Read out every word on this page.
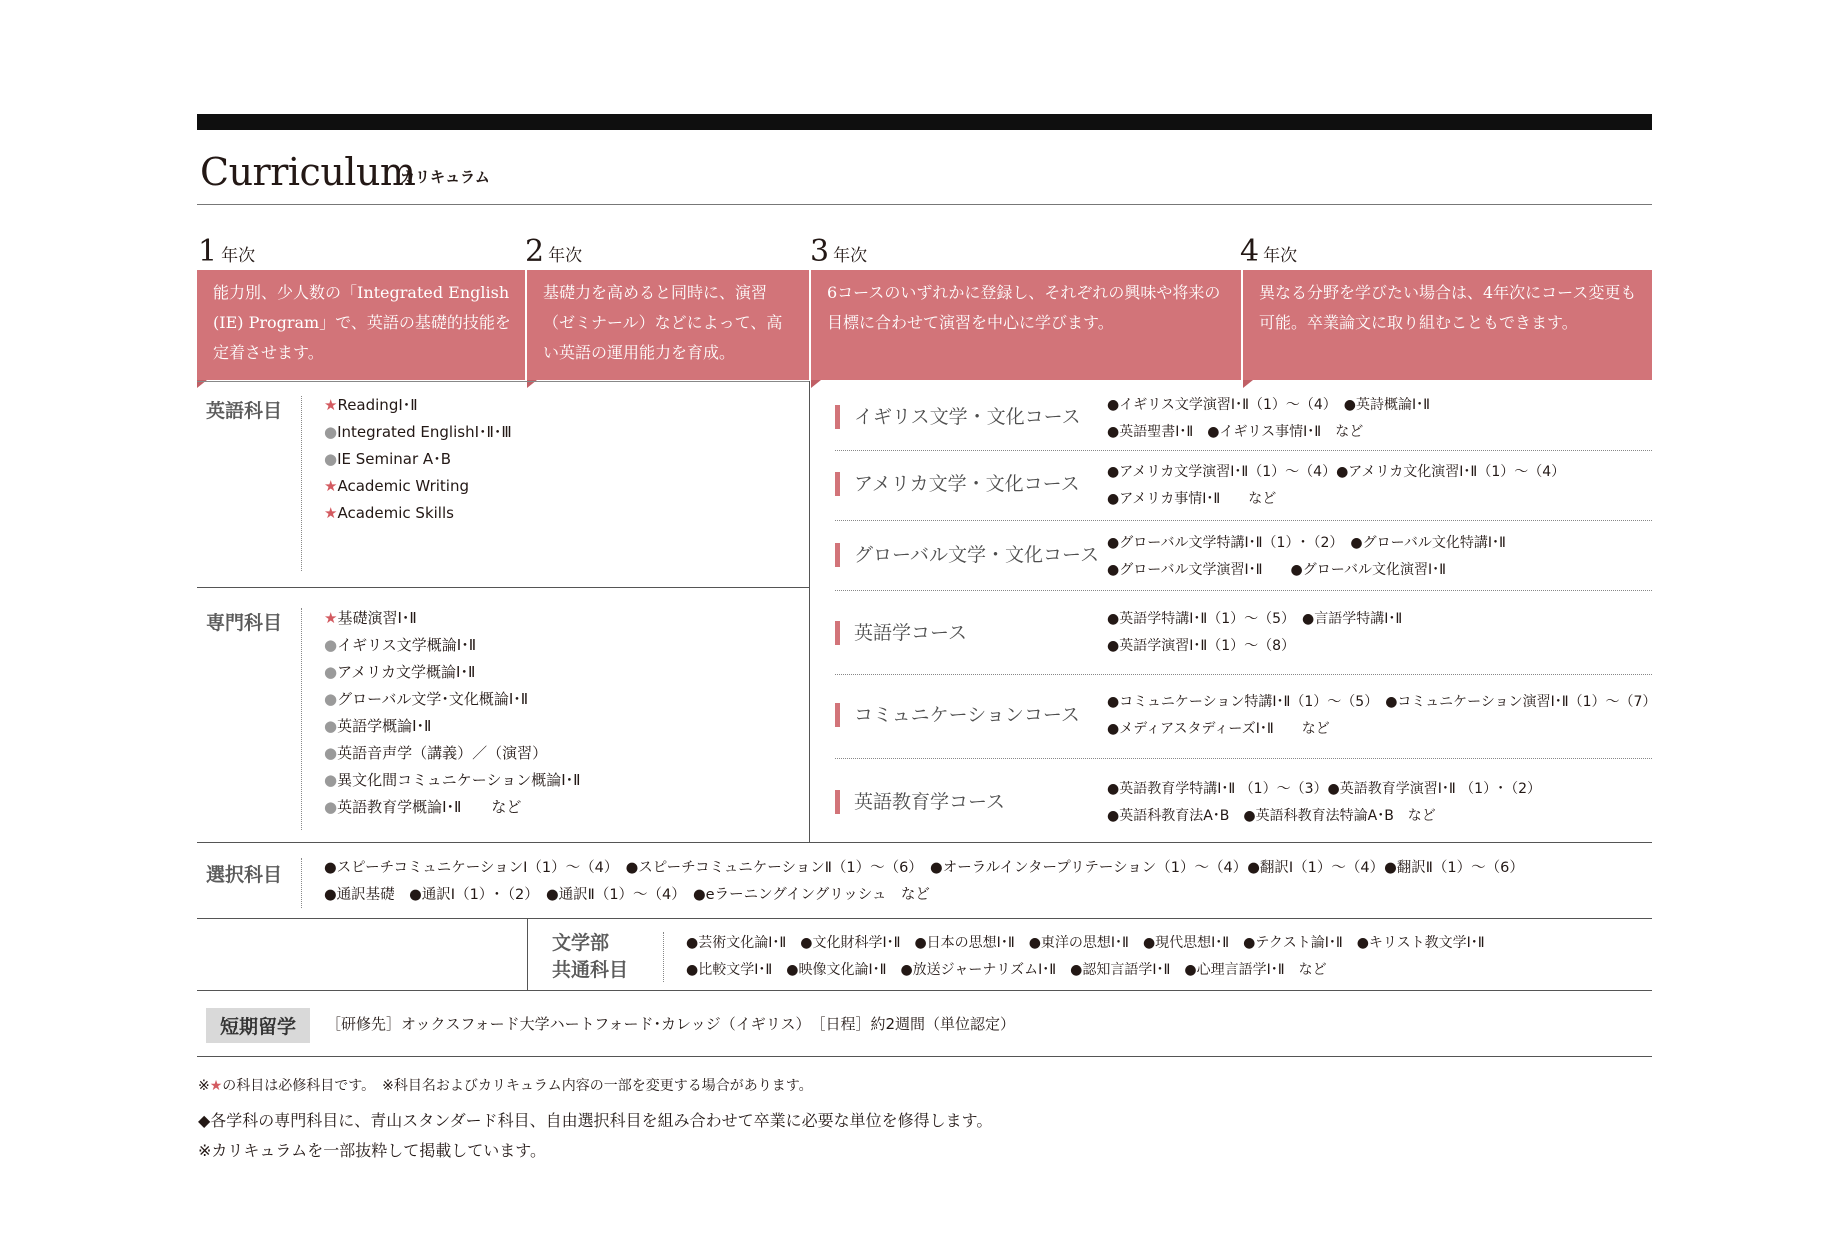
Curriculum
カリキュラム
1 年次	2 年次	3 年次	4 年次
能力別、少人数の「Integrated English (IE) Program」で、英語の基礎的技能を定着させます。
基礎力を高めると同時に、演習（ゼミナール）などによって、高い英語の運用能力を育成。
6コースのいずれかに登録し、それぞれの興味や将来の目標に合わせて演習を中心に学びます。
異なる分野を学びたい場合は、4年次にコース変更も可能。卒業論文に取り組むこともできます。
英語科目	★ReadingⅠ･Ⅱ
●Integrated EnglishⅠ･Ⅱ･Ⅲ
●IE Seminar A･B
★Academic Writing
★Academic Skills
専門科目	★基礎演習Ⅰ･Ⅱ
●イギリス文学概論Ⅰ･Ⅱ
●アメリカ文学概論Ⅰ･Ⅱ
●グローバル文学･文化概論Ⅰ･Ⅱ
●英語学概論Ⅰ･Ⅱ
●英語音声学（講義）／（演習）
●異文化間コミュニケーション概論Ⅰ･Ⅱ
●英語教育学概論Ⅰ･Ⅱ　　など
イギリス文学・文化コース
●イギリス文学演習Ⅰ･Ⅱ（1）～（4）　●英詩概論Ⅰ･Ⅱ
●英語聖書Ⅰ･Ⅱ　●イギリス事情Ⅰ･Ⅱ　など
アメリカ文学・文化コース
●アメリカ文学演習Ⅰ･Ⅱ（1）～（4）●アメリカ文化演習Ⅰ･Ⅱ（1）～（4）
●アメリカ事情Ⅰ･Ⅱ　　など
グローバル文学・文化コース
●グローバル文学特講Ⅰ･Ⅱ（1）･（2）　●グローバル文化特講Ⅰ･Ⅱ
●グローバル文学演習Ⅰ･Ⅱ　　●グローバル文化演習Ⅰ･Ⅱ
英語学コース
●英語学特講Ⅰ･Ⅱ（1）～（5）　●言語学特講Ⅰ･Ⅱ
●英語学演習Ⅰ･Ⅱ（1）～（8）
コミュニケーションコース
●コミュニケーション特講Ⅰ･Ⅱ（1）～（5）　●コミュニケーション演習Ⅰ･Ⅱ（1）～（7）
●メディアスタディーズⅠ･Ⅱ　　など
英語教育学コース
●英語教育学特講Ⅰ･Ⅱ （1）～（3）●英語教育学演習Ⅰ･Ⅱ （1）･（2）
●英語科教育法A･B　●英語科教育法特論A･B　など
選択科目	●スピーチコミュニケーションⅠ（1）～（4）　●スピーチコミュニケーションⅡ（1）～（6）　●オーラルインタープリテーション（1）～（4）●翻訳Ⅰ（1）～（4）●翻訳Ⅱ（1）～（6）
●通訳基礎　●通訳Ⅰ（1）･（2）　●通訳Ⅱ（1）～（4）　●eラーニングイングリッシュ　など
文学部
共通科目
●芸術文化論Ⅰ･Ⅱ　●文化財科学Ⅰ･Ⅱ　●日本の思想Ⅰ･Ⅱ　●東洋の思想Ⅰ･Ⅱ　●現代思想Ⅰ･Ⅱ　●テクスト論Ⅰ･Ⅱ　●キリスト教文学Ⅰ･Ⅱ
●比較文学Ⅰ･Ⅱ　●映像文化論Ⅰ･Ⅱ　●放送ジャーナリズムⅠ･Ⅱ　●認知言語学Ⅰ･Ⅱ　●心理言語学Ⅰ･Ⅱ　など
短期留学	［研修先］オックスフォード大学ハートフォード･カレッジ（イギリス）　［日程］約2週間（単位認定）
※★の科目は必修科目です。　※科目名およびカリキュラム内容の一部を変更する場合があります。
◆各学科の専門科目に、青山スタンダード科目、自由選択科目を組み合わせて卒業に必要な単位を修得します。
※カリキュラムを一部抜粋して掲載しています。
